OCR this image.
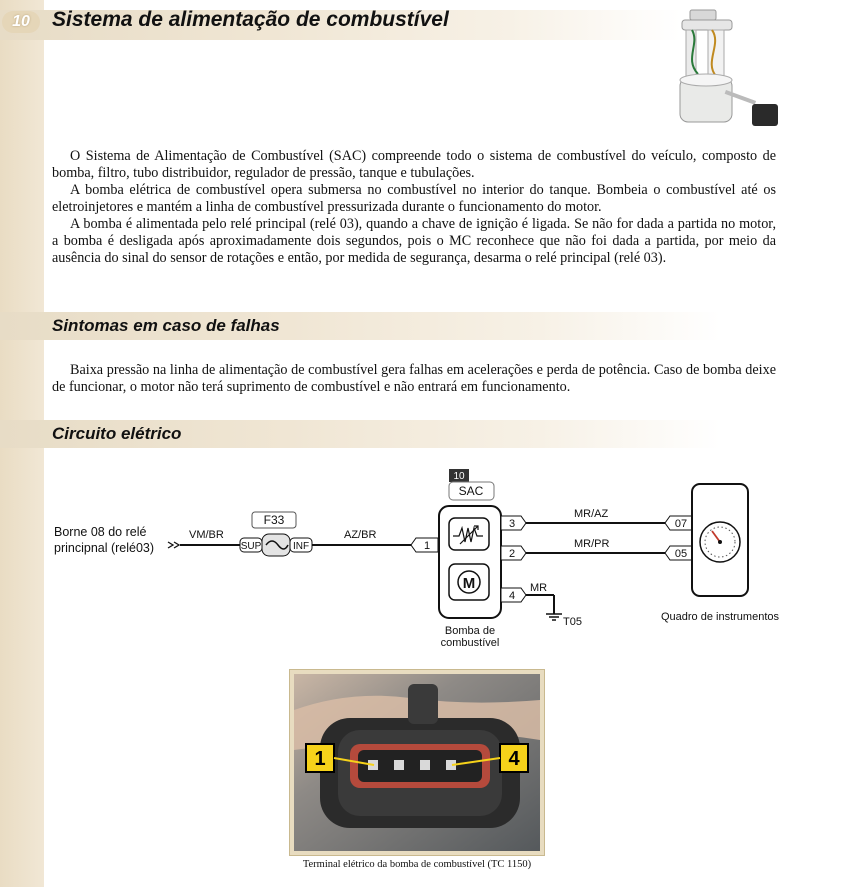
10	Sistema de alimentação de combustível
SAC

O Sistema de Alimentação de Combustível (SAC) compreende todo o sistema de combustível do veículo, composto de bomba, filtro, tubo distribuidor, regulador de pressão, tanque e tubulações.

A bomba elétrica de combustível opera submersa no combustível no interior do tanque. Bombeia o combustível até os eletroinjetores e mantém a linha de combustível pressurizada durante o funcionamento do motor.

A bomba é alimentada pelo relé principal (relé 03), quando a chave de ignição é ligada. Se não for dada a partida no motor, a bomba é desligada após aproximadamente dois segundos, pois o MC reconhece que não foi dada a partida, por meio da ausência do sinal do sensor de rotações e então, por medida de segurança, desarma o relé principal (relé 03).

Sintomas em caso de falhas

Baixa pressão na linha de alimentação de combustível gera falhas em acelerações e perda de potência. Caso de bomba deixe de funcionar, o motor não terá suprimento de combustível e não entrará em funcionamento.

Circuito elétrico
Borne 08 do relé
principnal (relé03)
VM/BR
F33
SUP	INF
AZ/BR
1
10
SAC
M
3
2
4
MR/AZ
MR/PR
MR
T05
Bomba de
combustível
07
05
Quadro de instrumentos
1	4
Terminal elétrico da bomba de combustível (TC 1150)
